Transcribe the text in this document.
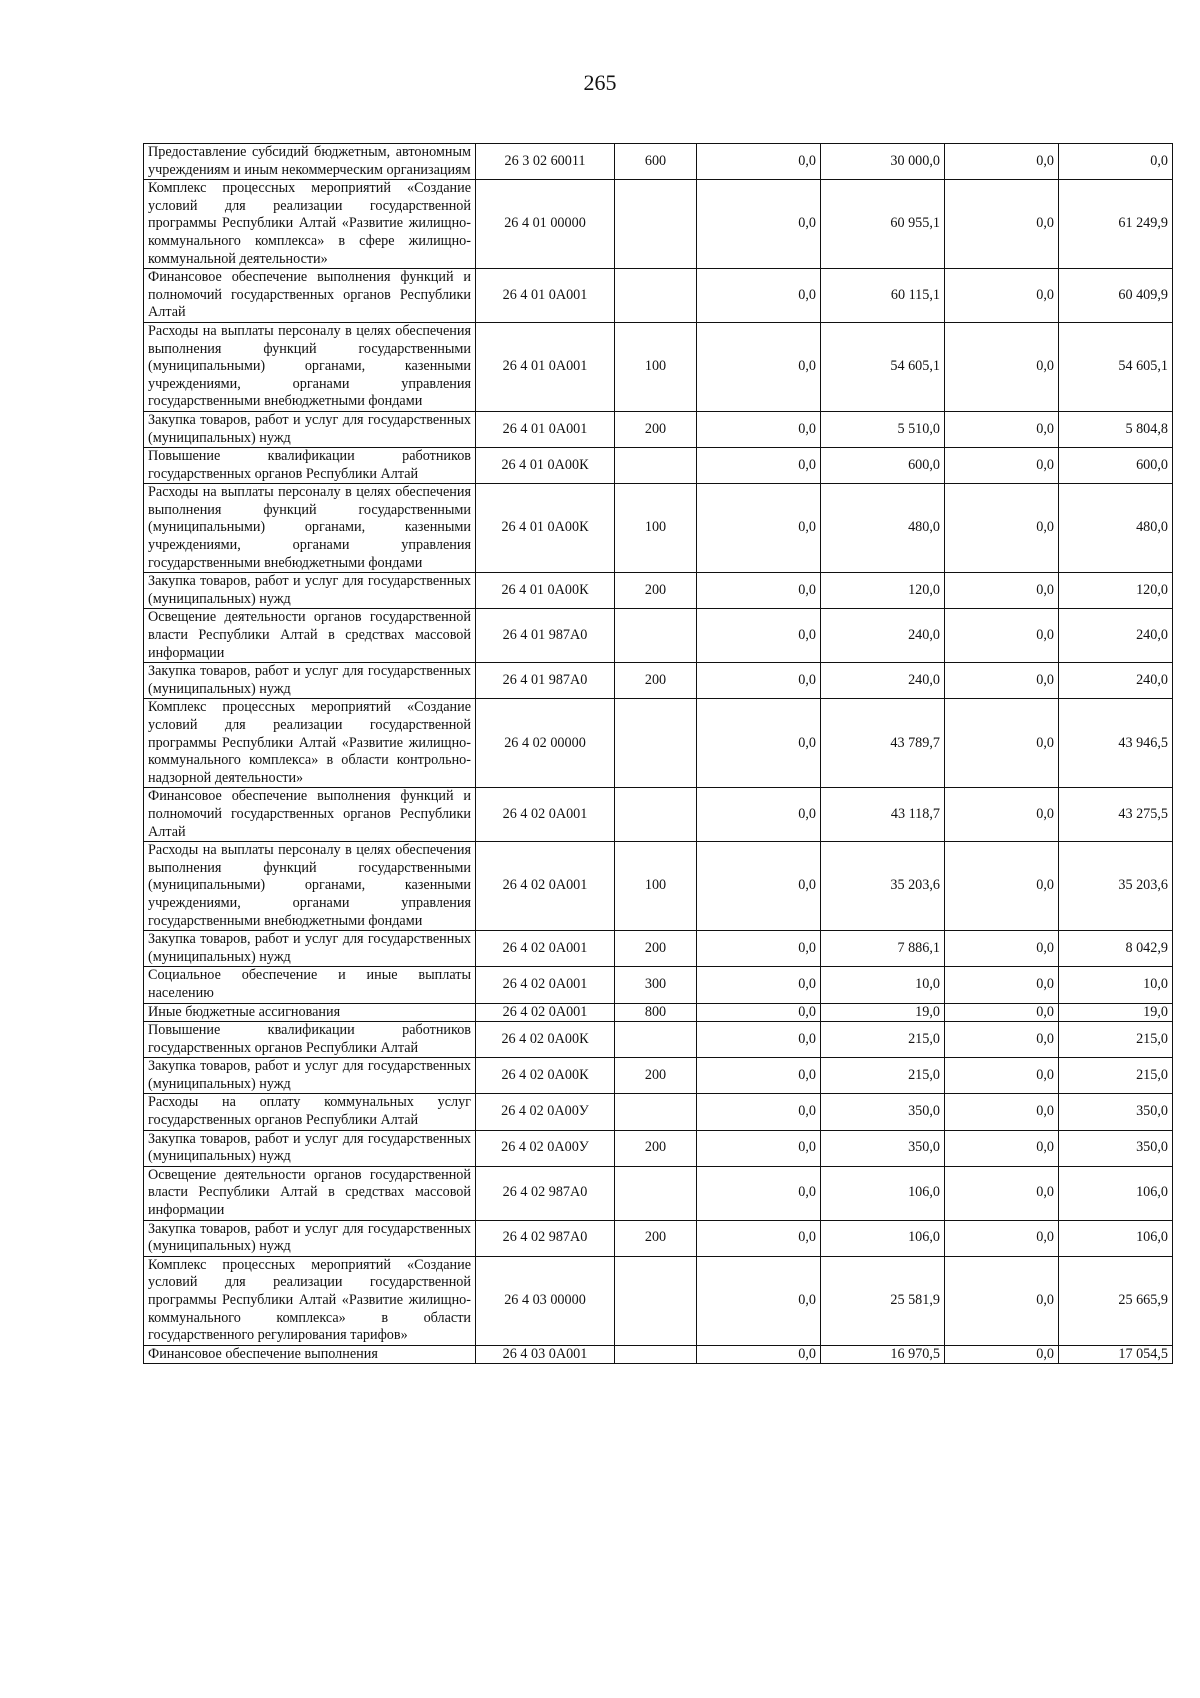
265
Предоставление субсидий бюджетным, автономным учреждениям и иным некоммерческим организациям	26 3 02 60011	600	0,0	30 000,0	0,0	0,0
Комплекс процессных мероприятий «Создание условий для реализации государственной программы Республики Алтай «Развитие жилищно-коммунального комплекса» в сфере жилищно-коммунальной деятельности»	26 4 01 00000		0,0	60 955,1	0,0	61 249,9
Финансовое обеспечение выполнения функций и полномочий государственных органов Республики Алтай	26 4 01 0А001		0,0	60 115,1	0,0	60 409,9
Расходы на выплаты персоналу в целях обеспечения выполнения функций государственными (муниципальными) органами, казенными учреждениями, органами управления государственными внебюджетными фондами	26 4 01 0А001	100	0,0	54 605,1	0,0	54 605,1
Закупка товаров, работ и услуг для государственных (муниципальных) нужд	26 4 01 0А001	200	0,0	5 510,0	0,0	5 804,8
Повышение квалификации работников государственных органов Республики Алтай	26 4 01 0А00К		0,0	600,0	0,0	600,0
Расходы на выплаты персоналу в целях обеспечения выполнения функций государственными (муниципальными) органами, казенными учреждениями, органами управления государственными внебюджетными фондами	26 4 01 0А00К	100	0,0	480,0	0,0	480,0
Закупка товаров, работ и услуг для государственных (муниципальных) нужд	26 4 01 0А00К	200	0,0	120,0	0,0	120,0
Освещение деятельности органов государственной власти Республики Алтай в средствах массовой информации	26 4 01 987А0		0,0	240,0	0,0	240,0
Закупка товаров, работ и услуг для государственных (муниципальных) нужд	26 4 01 987А0	200	0,0	240,0	0,0	240,0
Комплекс процессных мероприятий «Создание условий для реализации государственной программы Республики Алтай «Развитие жилищно-коммунального комплекса» в области контрольно-надзорной деятельности»	26 4 02 00000		0,0	43 789,7	0,0	43 946,5
Финансовое обеспечение выполнения функций и полномочий государственных органов Республики Алтай	26 4 02 0А001		0,0	43 118,7	0,0	43 275,5
Расходы на выплаты персоналу в целях обеспечения выполнения функций государственными (муниципальными) органами, казенными учреждениями, органами управления государственными внебюджетными фондами	26 4 02 0А001	100	0,0	35 203,6	0,0	35 203,6
Закупка товаров, работ и услуг для государственных (муниципальных) нужд	26 4 02 0А001	200	0,0	7 886,1	0,0	8 042,9
Социальное обеспечение и иные выплаты населению	26 4 02 0А001	300	0,0	10,0	0,0	10,0
Иные бюджетные ассигнования	26 4 02 0А001	800	0,0	19,0	0,0	19,0
Повышение квалификации работников государственных органов Республики Алтай	26 4 02 0А00К		0,0	215,0	0,0	215,0
Закупка товаров, работ и услуг для государственных (муниципальных) нужд	26 4 02 0А00К	200	0,0	215,0	0,0	215,0
Расходы на оплату коммунальных услуг государственных органов Республики Алтай	26 4 02 0А00У		0,0	350,0	0,0	350,0
Закупка товаров, работ и услуг для государственных (муниципальных) нужд	26 4 02 0А00У	200	0,0	350,0	0,0	350,0
Освещение деятельности органов государственной власти Республики Алтай в средствах массовой информации	26 4 02 987А0		0,0	106,0	0,0	106,0
Закупка товаров, работ и услуг для государственных (муниципальных) нужд	26 4 02 987А0	200	0,0	106,0	0,0	106,0
Комплекс процессных мероприятий «Создание условий для реализации государственной программы Республики Алтай «Развитие жилищно-коммунального комплекса» в области государственного регулирования тарифов»	26 4 03 00000		0,0	25 581,9	0,0	25 665,9
Финансовое обеспечение выполнения	26 4 03 0А001		0,0	16 970,5	0,0	17 054,5
